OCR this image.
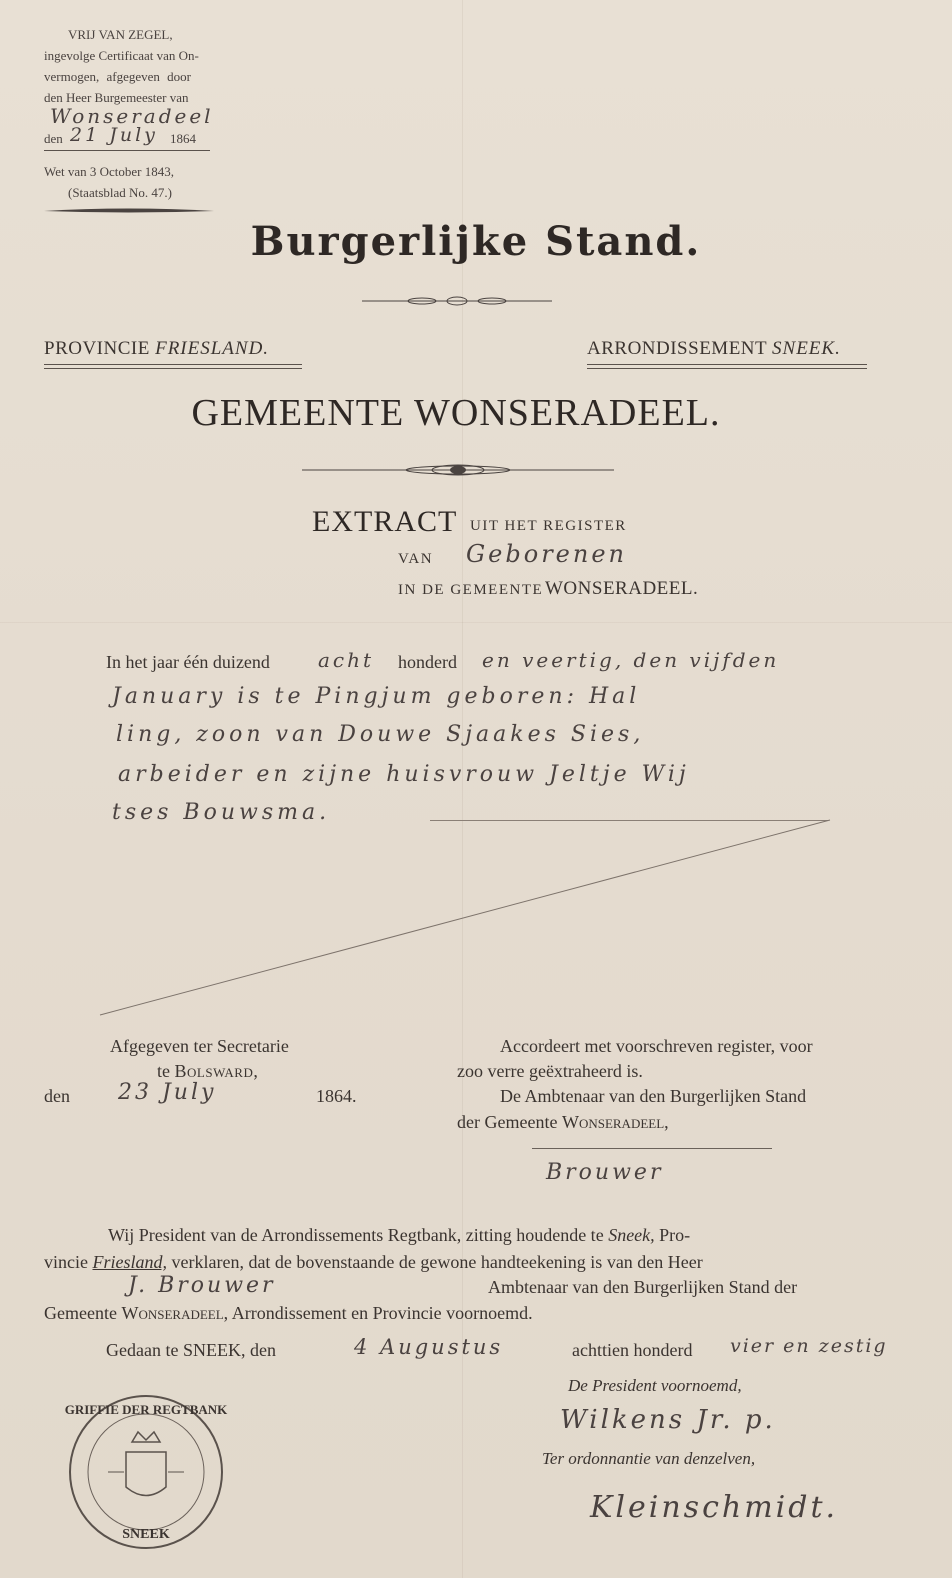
VRIJ VAN ZEGEL,
ingevolge Certificaat van On-
vermogen, afgegeven door
den Heer Burgemeester van
Wonseradeel
den 21 July 1864
Wet van 3 October 1843,
(Staatsblad No. 47.)
Burgerlijke Stand.
PROVINCIE FRIESLAND.	ARRONDISSEMENT SNEEK.
GEMEENTE WONSERADEEL.
EXTRACT UIT HET REGISTER
VAN Geborenen
IN DE GEMEENTE WONSERADEEL.
In het jaar één duizend acht honderd en veertig, den vijfden
January is te Pingjum geboren: Hal
ling, zoon van Douwe Sjaakes Sies,
arbeider en zijne huisvrouw Jeltje Wij
tses Bouwsma.
Afgegeven ter Secretarie
te Bolsward,
den 23 July	1864.
Accordeert met voorschreven register, voor
zoo verre geëxtraheerd is.
De Ambtenaar van den Burgerlijken Stand
der Gemeente Wonseradeel,
Brouwer
Wij President van de Arrondissements Regtbank, zitting houdende te Sneek, Pro-
vincie Friesland, verklaren, dat de bovenstaande de gewone handteekening is van den Heer
J. Brouwer	Ambtenaar van den Burgerlijken Stand der
Gemeente Wonseradeel, Arrondissement en Provincie voornoemd.
Gedaan te SNEEK, den	4 Augustus	achttien honderd vier en zestig
De President voornoemd,
Wilkens Jr. p.
Ter ordonnantie van denzelven,
Kleinschmidt.
GRIFFIE DER REGTBANK
SNEEK
